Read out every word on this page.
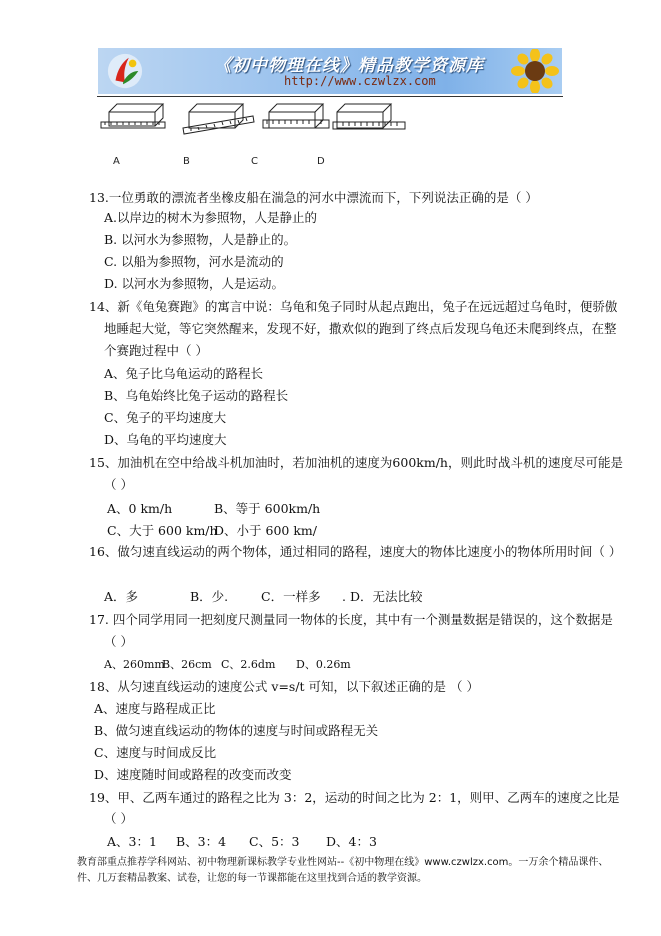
《初中物理在线》精品教学资源库
http://www.czwlzx.com
A	B	C	D
13.一位勇敢的漂流者坐橡皮船在湍急的河水中漂流而下，下列说法正确的是（ ）
A.以岸边的树木为参照物，人是静止的
B. 以河水为参照物，人是静止的。
C. 以船为参照物，河水是流动的
D. 以河水为参照物，人是运动。
14、新《龟兔赛跑》的寓言中说：乌龟和兔子同时从起点跑出，兔子在远远超过乌龟时，便骄傲
地睡起大觉，等它突然醒来，发现不好，撒欢似的跑到了终点后发现乌龟还未爬到终点，在整
个赛跑过程中（ ）
A、兔子比乌龟运动的路程长
B、乌龟始终比兔子运动的路程长
C、兔子的平均速度大
D、乌龟的平均速度大
15、加油机在空中给战斗机加油时，若加油机的速度为600km/h，则此时战斗机的速度尽可能是
（ ）
A、0 km/h	B、等于 600km/h
C、大于 600 km/h
D、小于 600 km/
16、做匀速直线运动的两个物体，通过相同的路程，速度大的物体比速度小的物体所用时间（ ）
A．多	B．少.	C．一样多 . D．无法比较
17. 四个同学用同一把刻度尺测量同一物体的长度，其中有一个测量数据是错误的，这个数据是
（ ）
A、260mm
B、26cm C、2.6dm D、0.26m
18、从匀速直线运动的速度公式 v=s/t 可知，以下叙述正确的是 （ ）
A、速度与路程成正比
B、做匀速直线运动的物体的速度与时间或路程无关
C、速度与时间成反比
D、速度随时间或路程的改变而改变
19、甲、乙两车通过的路程之比为 3：2，运动的时间之比为 2：1，则甲、乙两车的速度之比是
（ ）
A、3：1 B、3：4 C、5：3 D、4：3
教育部重点推荐学科网站、初中物理新课标教学专业性网站--《初中物理在线》www.czwlzx.com。一万余个精品课件、
件、几万套精品教案、试卷，让您的每一节课都能在这里找到合适的教学资源。
